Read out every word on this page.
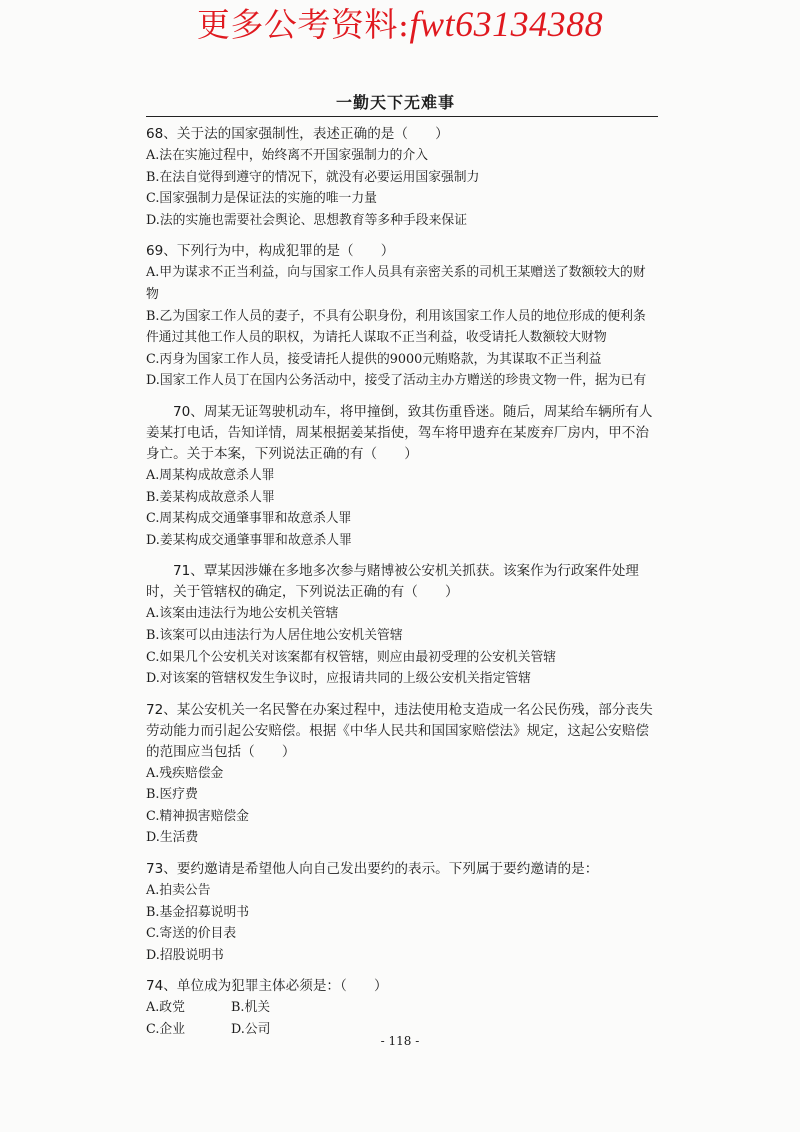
更多公考资料:fwt63134388
一勤天下无难事
68、关于法的国家强制性，表述正确的是（　　）
A.法在实施过程中，始终离不开国家强制力的介入
B.在法自觉得到遵守的情况下，就没有必要运用国家强制力
C.国家强制力是保证法的实施的唯一力量
D.法的实施也需要社会舆论、思想教育等多种手段来保证
69、下列行为中，构成犯罪的是（　　）
A.甲为谋求不正当利益，向与国家工作人员具有亲密关系的司机王某赠送了数额较大的财物
B.乙为国家工作人员的妻子，不具有公职身份，利用该国家工作人员的地位形成的便利条件通过其他工作人员的职权，为请托人谋取不正当利益，收受请托人数额较大财物
C.丙身为国家工作人员，接受请托人提供的9000元贿赂款，为其谋取不正当利益
D.国家工作人员丁在国内公务活动中，接受了活动主办方赠送的珍贵文物一件，据为已有
70、周某无证驾驶机动车，将甲撞倒，致其伤重昏迷。随后，周某给车辆所有人姜某打电话，告知详情，周某根据姜某指使，驾车将甲遗弃在某废弃厂房内，甲不治身亡。关于本案，下列说法正确的有（　　）
A.周某构成故意杀人罪
B.姜某构成故意杀人罪
C.周某构成交通肇事罪和故意杀人罪
D.姜某构成交通肇事罪和故意杀人罪
71、覃某因涉嫌在多地多次参与赌博被公安机关抓获。该案作为行政案件处理时，关于管辖权的确定，下列说法正确的有（　　）
A.该案由违法行为地公安机关管辖
B.该案可以由违法行为人居住地公安机关管辖
C.如果几个公安机关对该案都有权管辖，则应由最初受理的公安机关管辖
D.对该案的管辖权发生争议时，应报请共同的上级公安机关指定管辖
72、某公安机关一名民警在办案过程中，违法使用枪支造成一名公民伤残，部分丧失劳动能力而引起公安赔偿。根据《中华人民共和国国家赔偿法》规定，这起公安赔偿的范围应当包括（　　）
A.残疾赔偿金
B.医疗费
C.精神损害赔偿金
D.生活费
73、要约邀请是希望他人向自己发出要约的表示。下列属于要约邀请的是：
A.拍卖公告
B.基金招募说明书
C.寄送的价目表
D.招股说明书
74、单位成为犯罪主体必须是：（　　）
A.政党	B.机关
C.企业	D.公司
- 118 -
